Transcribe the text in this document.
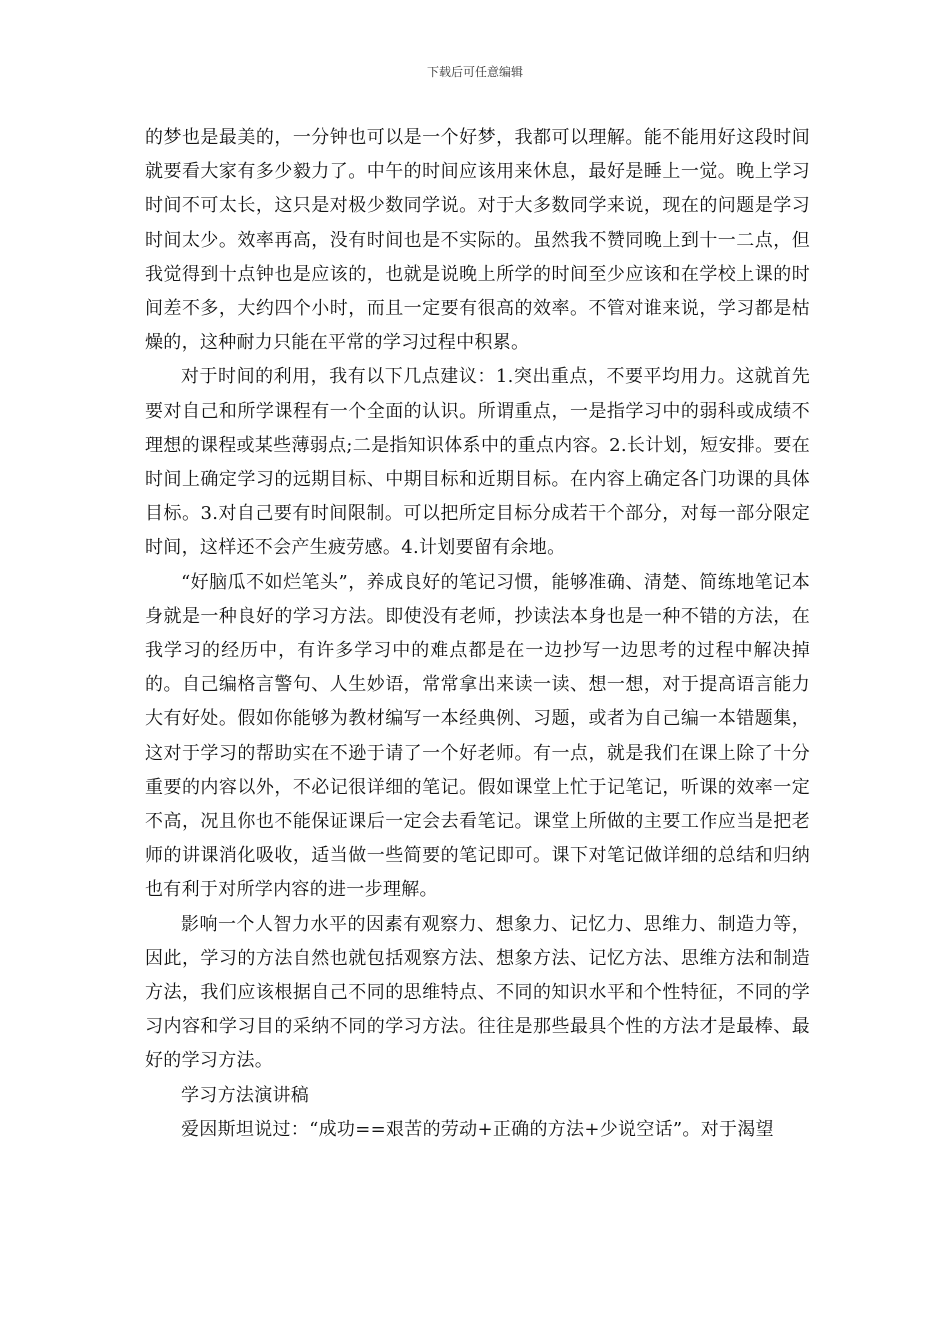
下载后可任意编辑

的梦也是最美的，一分钟也可以是一个好梦，我都可以理解。能不能用好这段时间就要看大家有多少毅力了。中午的时间应该用来休息，最好是睡上一觉。晚上学习时间不可太长，这只是对极少数同学说。对于大多数同学来说，现在的问题是学习时间太少。效率再高，没有时间也是不实际的。虽然我不赞同晚上到十一二点，但我觉得到十点钟也是应该的，也就是说晚上所学的时间至少应该和在学校上课的时间差不多，大约四个小时，而且一定要有很高的效率。不管对谁来说，学习都是枯燥的，这种耐力只能在平常的学习过程中积累。

对于时间的利用，我有以下几点建议：1.突出重点，不要平均用力。这就首先要对自己和所学课程有一个全面的认识。所谓重点，一是指学习中的弱科或成绩不理想的课程或某些薄弱点;二是指知识体系中的重点内容。2.长计划，短安排。要在时间上确定学习的远期目标、中期目标和近期目标。在内容上确定各门功课的具体目标。3.对自己要有时间限制。可以把所定目标分成若干个部分，对每一部分限定时间，这样还不会产生疲劳感。4.计划要留有余地。

“好脑瓜不如烂笔头”，养成良好的笔记习惯，能够准确、清楚、简练地笔记本身就是一种良好的学习方法。即使没有老师，抄读法本身也是一种不错的方法，在我学习的经历中，有许多学习中的难点都是在一边抄写一边思考的过程中解决掉的。自己编格言警句、人生妙语，常常拿出来读一读、想一想，对于提高语言能力大有好处。假如你能够为教材编写一本经典例、习题，或者为自己编一本错题集，这对于学习的帮助实在不逊于请了一个好老师。有一点，就是我们在课上除了十分重要的内容以外，不必记很详细的笔记。假如课堂上忙于记笔记，听课的效率一定不高，况且你也不能保证课后一定会去看笔记。课堂上所做的主要工作应当是把老师的讲课消化吸收，适当做一些简要的笔记即可。课下对笔记做详细的总结和归纳也有利于对所学内容的进一步理解。

影响一个人智力水平的因素有观察力、想象力、记忆力、思维力、制造力等，因此，学习的方法自然也就包括观察方法、想象方法、记忆方法、思维方法和制造方法，我们应该根据自己不同的思维特点、不同的知识水平和个性特征，不同的学习内容和学习目的采纳不同的学习方法。往往是那些最具个性的方法才是最棒、最好的学习方法。

学习方法演讲稿

爱因斯坦说过：“成功==艰苦的劳动+正确的方法+少说空话”。对于渴望
